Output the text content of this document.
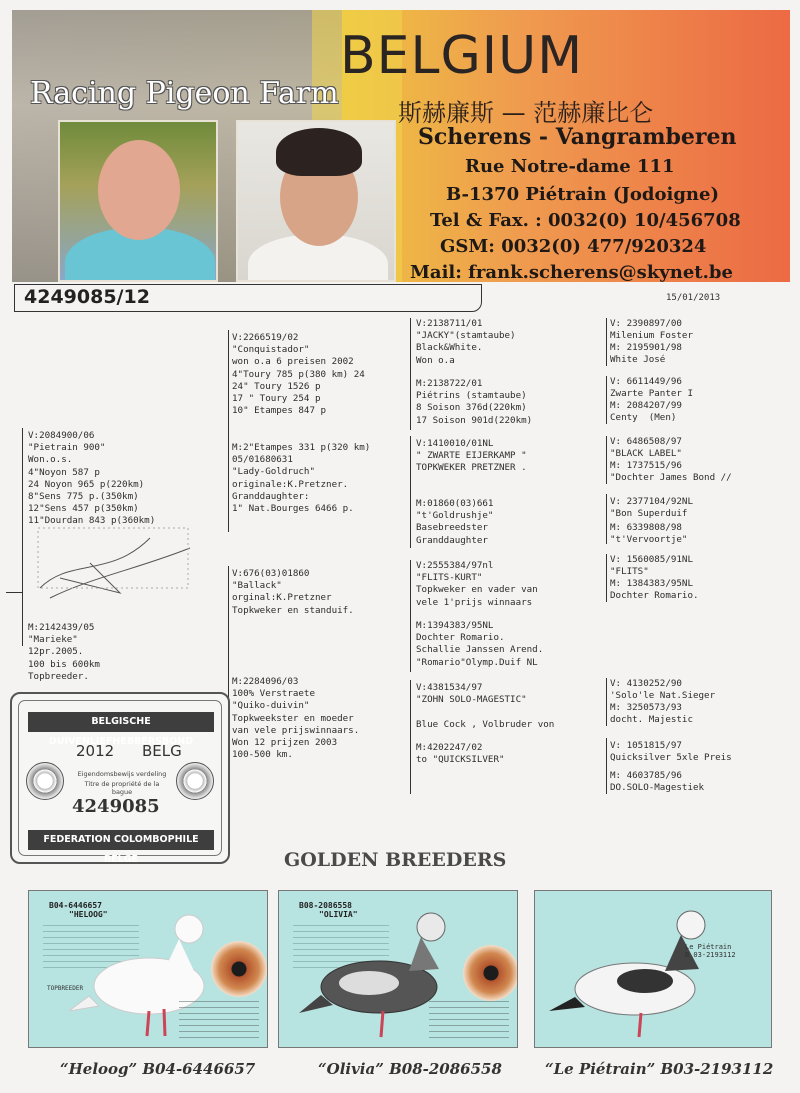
BELGIUM
Racing Pigeon Farm
斯赫廉斯 — 范赫廉比仑
Scherens - Vangramberen
Rue Notre-dame 111
B-1370 Piétrain (Jodoigne)
Tel & Fax. : 0032(0) 10/456708
GSM: 0032(0) 477/920324
Mail: frank.scherens@skynet.be
4249085/12	15/01/2013
V:2084900/06
"Pietrain 900"
Won.o.s.
4"Noyon 587 p
24 Noyon 965 p(220km)
8"Sens 775 p.(350km)
12"Sens 457 p(350km)
11"Dourdan 843 p(360km)
M:2142439/05
"Marieke"
12pr.2005.
100 bis 600km
Topbreeder.
V:2266519/02
"Conquistador"
won o.a 6 preisen 2002
4"Toury 785 p(380 km) 24
24" Toury 1526 p
17 " Toury 254 p
10" Etampes 847 p
M:2"Etampes 331 p(320 km)
05/01680631
"Lady-Goldruch"
originale:K.Pretzner.
Granddaughter:
1" Nat.Bourges 6466 p.
V:676(03)01860
"Ballack"
orginal:K.Pretzner
Topkweker en standuif.
M:2284096/03
100% Verstraete
"Quiko-duivin"
Topkweekster en moeder
van vele prijswinnaars.
Won 12 prijzen 2003
100-500 km.
V:2138711/01
"JACKY"(stamtaube)
Black&White.
Won o.a
M:2138722/01
Piétrins (stamtaube)
8 Soison 376d(220km)
17 Soison 901d(220km)
V:1410010/01NL
" ZWARTE EIJERKAMP "
TOPKWEKER PRETZNER .
M:01860(03)661
"t'Goldrushje"
Basebreedster
Granddaughter
V:2555384/97nl
"FLITS-KURT"
Topkweker en vader van
vele 1'prijs winnaars
M:1394383/95NL
Dochter Romario.
Schallie Janssen Arend.
"Romario"Olymp.Duif NL
V:4381534/97
"ZOHN SOLO-MAGESTIC"

Blue Cock , Volbruder von
M:4202247/02
to "QUICKSILVER"
V: 2390897/00
Milenium Foster
M: 2195901/98
White José
V: 6611449/96
Zwarte Panter I
M: 2084207/99
Centy  (Men)
V: 6486508/97
"BLACK LABEL"
M: 1737515/96
"Dochter James Bond //
V: 2377104/92NL
"Bon Superduif
M: 6339808/98
"t'Vervoortje"
V: 1560085/91NL
"FLITS"
M: 1384383/95NL
Dochter Romario.
V: 4130252/90
'Solo'le Nat.Sieger
M: 3250573/93
docht. Majestic
V: 1051815/97
Quicksilver 5xle Preis
M: 4603785/96
DO.SOLO-Magestiek
BELGISCHE DUIVENLIEFHEBBERSBOND
2012 BELG
Eigendomsbewijs verdeling
Titre de propriété de la bague
4249085
FEDERATION COLOMBOPHILE BELGE	GOLDEN BREEDERS
B04-6446657
"HELOOG"
TOPBREEDER
B08-2086558
"OLIVIA"
Le Piétrain
B 03-2193112
“Heloog” B04-6446657	“Olivia” B08-2086558	“Le Piétrain” B03-2193112
